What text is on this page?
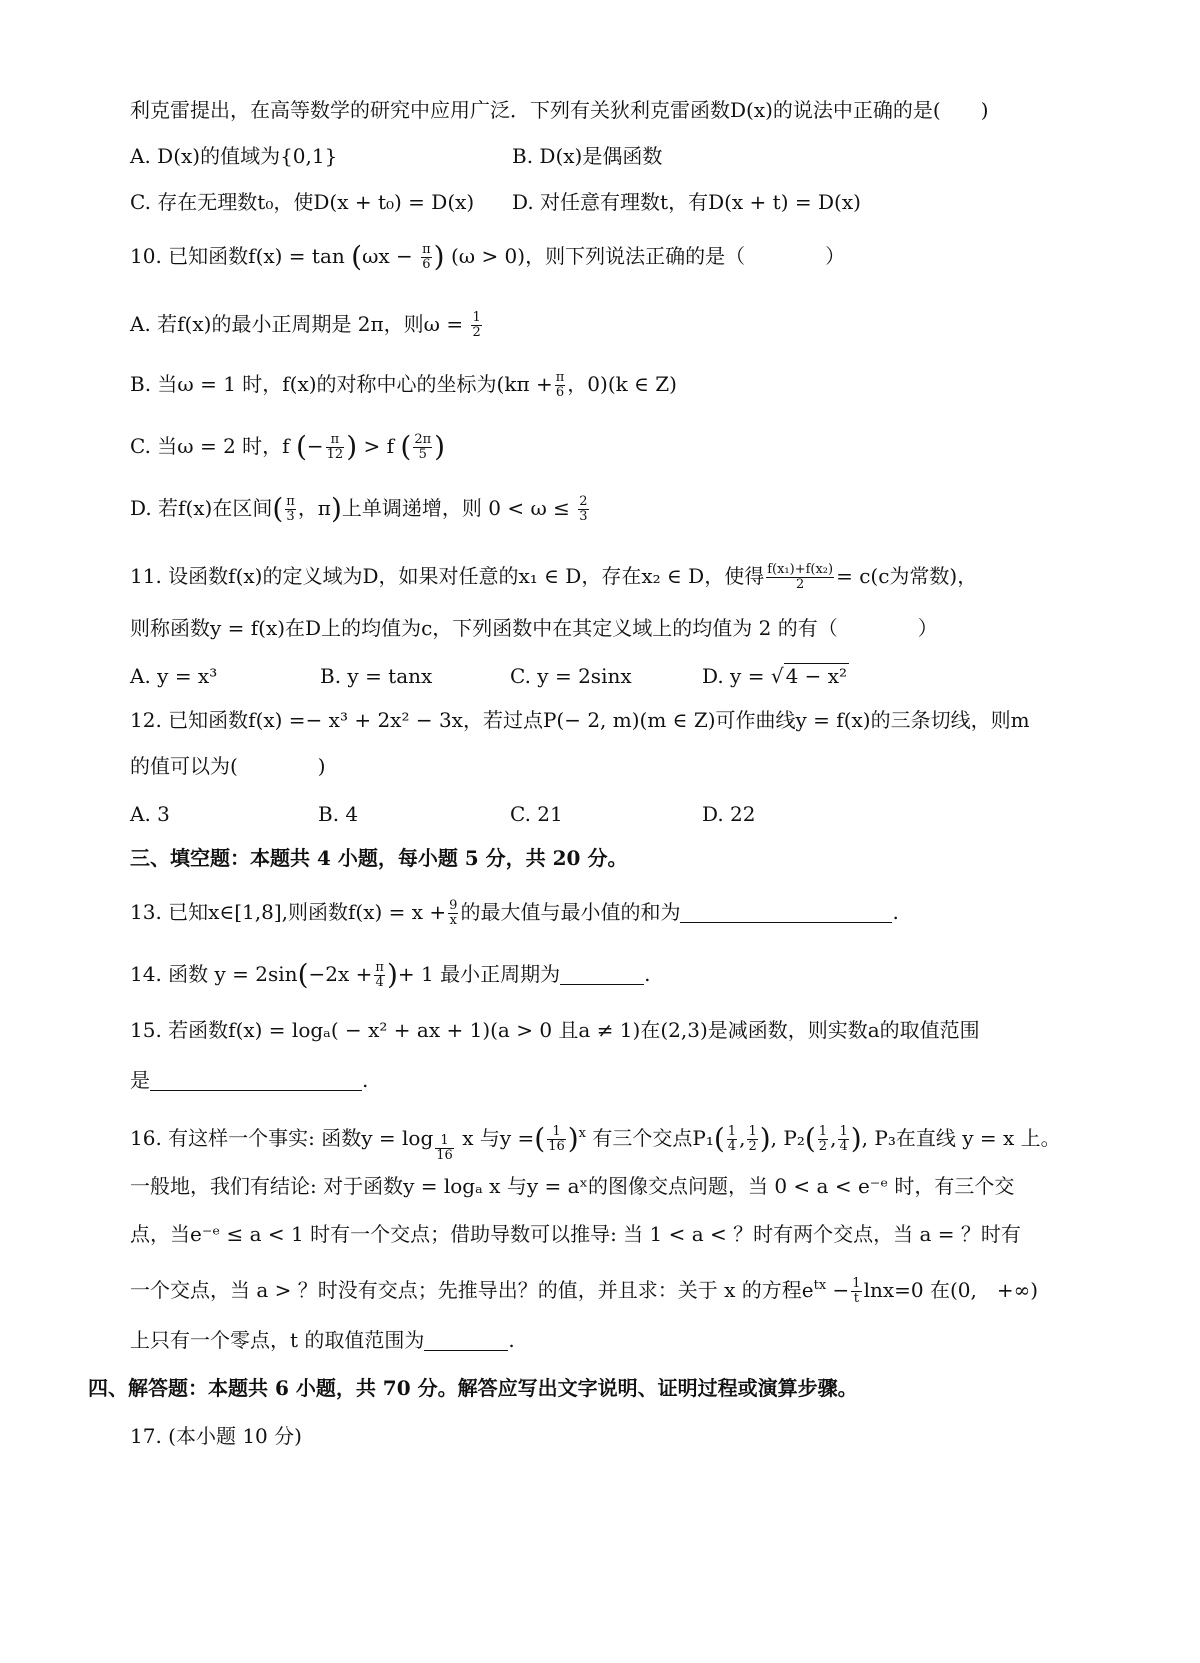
利克雷提出，在高等数学的研究中应用广泛．下列有关狄利克雷函数D(x)的说法中正确的是(　　)
A. D(x)的值域为{0,1}	B. D(x)是偶函数
C. 存在无理数t₀，使D(x + t₀) = D(x) D. 对任意有理数t，有D(x + t) = D(x)
10. 已知函数$f(x) = \tan (\omega x - \frac{\pi}{6}$ ) (ω > 0)，则下列说法正确的是（　　　　）
A. 若f(x)的最小正周期是 2π，则$\omega = \frac{1}{2}$
B. 当ω = 1 时，f(x)的对称中心的坐标为($k\pi + \frac{\pi}{6}$ ，0)(k ∈ Z)
C. 当ω = 2 时，f (− $\frac{\pi}{12}$ ) > f ( $\frac{2\pi}{5}$ )
D. 若f(x)在区间( $\frac{\pi}{3}$ ，π)上单调递增，则 $0 < \omega \le \frac{2}{3}$
11. 设函数f(x)的定义域为D，如果对任意的x₁ ∈ D，存在x₂ ∈ D，使得 $\frac{\text{f(x₁)+f(x₂)}}{2} = c(c$为常数)，
则称函数y = f(x)在D上的均值为c，下列函数中在其定义域上的均值为 2 的有（　　　　）
A. y = x³	B. y = tanx	C. y = 2sinx	D. y = √ 4 − x²
12. 已知函数f(x) =− x³ + 2x² − 3x，若过点P(− 2, m)(m ∈ Z)可作曲线y = f(x)的三条切线，则m
的值可以为(　　　　)
A. 3	B. 4	C. 21	D. 22
三、填空题：本题共 4 小题，每小题 5 分，共 20 分。
13. 已知x∈[1,8],则函数$f(x) = x + \frac{9}{x}$ 的最大值与最小值的和为	.
14. 函数 $y = 2\sin(-2x + \frac{\pi}{4}$ )+ 1 最小正周期为	.
15. 若函数f(x) = logₐ( − x² + ax + 1)(a > 0 且a ≠ 1)在(2,3)是减函数，则实数a的取值范围
是	.
16. 有这样一个事实: 函数$y = \log \frac{1}{16}$ x 与y =( $\frac{1}{16} )^x$ 有三个交点$P_1( \frac{1}{4}$ , $\frac{1}{2}$ ), $P_2( \frac{1}{2}$ , $\frac{1}{4}$ ), P₃在直线 y = x 上。
一般地，我们有结论: 对于函数y = logₐ x 与y = aˣ的图像交点问题，当 0 < a < e⁻ᵉ 时，有三个交
点，当e⁻ᵉ ≤ a < 1 时有一个交点；借助导数可以推导: 当 1 < a < ？时有两个交点，当 a = ？时有
一个交点，当 a > ？时没有交点；先推导出？的值，并且求：关于 x 的方程$e^{tx} - \frac{1}{t} \ln x=0$ 在(0,　+∞)
上只有一个零点，t 的取值范围为	.
四、解答题：本题共 6 小题，共 70 分。解答应写出文字说明、证明过程或演算步骤。
17. (本小题 10 分)
